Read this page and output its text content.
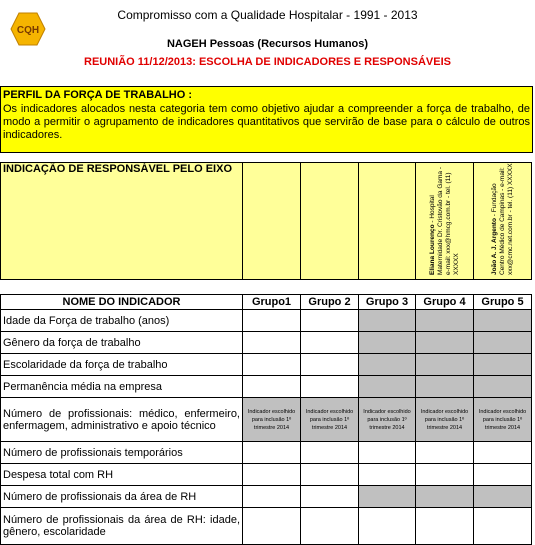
CQH
Compromisso com a Qualidade Hospitalar - 1991 - 2013
NAGEH Pessoas (Recursos Humanos)
REUNIÃO 11/12/2013: ESCOLHA DE INDICADORES E RESPONSÁVEIS
PERFIL DA FORÇA DE TRABALHO :
Os indicadores alocados nesta categoria tem como objetivo ajudar a compreender a força de trabalho, de modo a permitir o agrupamento de indicadores quantitativos que servirão de base para o cálculo de outros indicadores.
INDICAÇÃO DE RESPONSÁVEL PELO EIXO				Eliana Lourenço - Hospital Maternidade Dr. Cristovão da Gama - e-mail: xxx@hmcg.com.br - tel. (11) XXXXX	João A. J. Argento - Fundação Centro Médico de Campinas - e-mail: xxx@cmc.net.com.br - tel. (11) XXXXX

NOME DO INDICADOR	Grupo1	Grupo 2	Grupo 3	Grupo 4	Grupo 5
Idade da Força de trabalho (anos)					
Gênero da força de trabalho					
Escolaridade da força de trabalho					
Permanência média na empresa					
Número de profissionais: médico, enfermeiro, enfermagem, administrativo e apoio técnico	Indicador escolhido para inclusão 1º trimestre 2014	Indicador escolhido para inclusão 1º trimestre 2014	Indicador escolhido para inclusão 1º trimestre 2014	Indicador escolhido para inclusão 1º trimestre 2014	Indicador escolhido para inclusão 1º trimestre 2014

Número de profissionais temporários					
Despesa total com RH					
Número de profissionais da área de RH					
Número de profissionais da área de RH: idade, gênero, escolaridade					
